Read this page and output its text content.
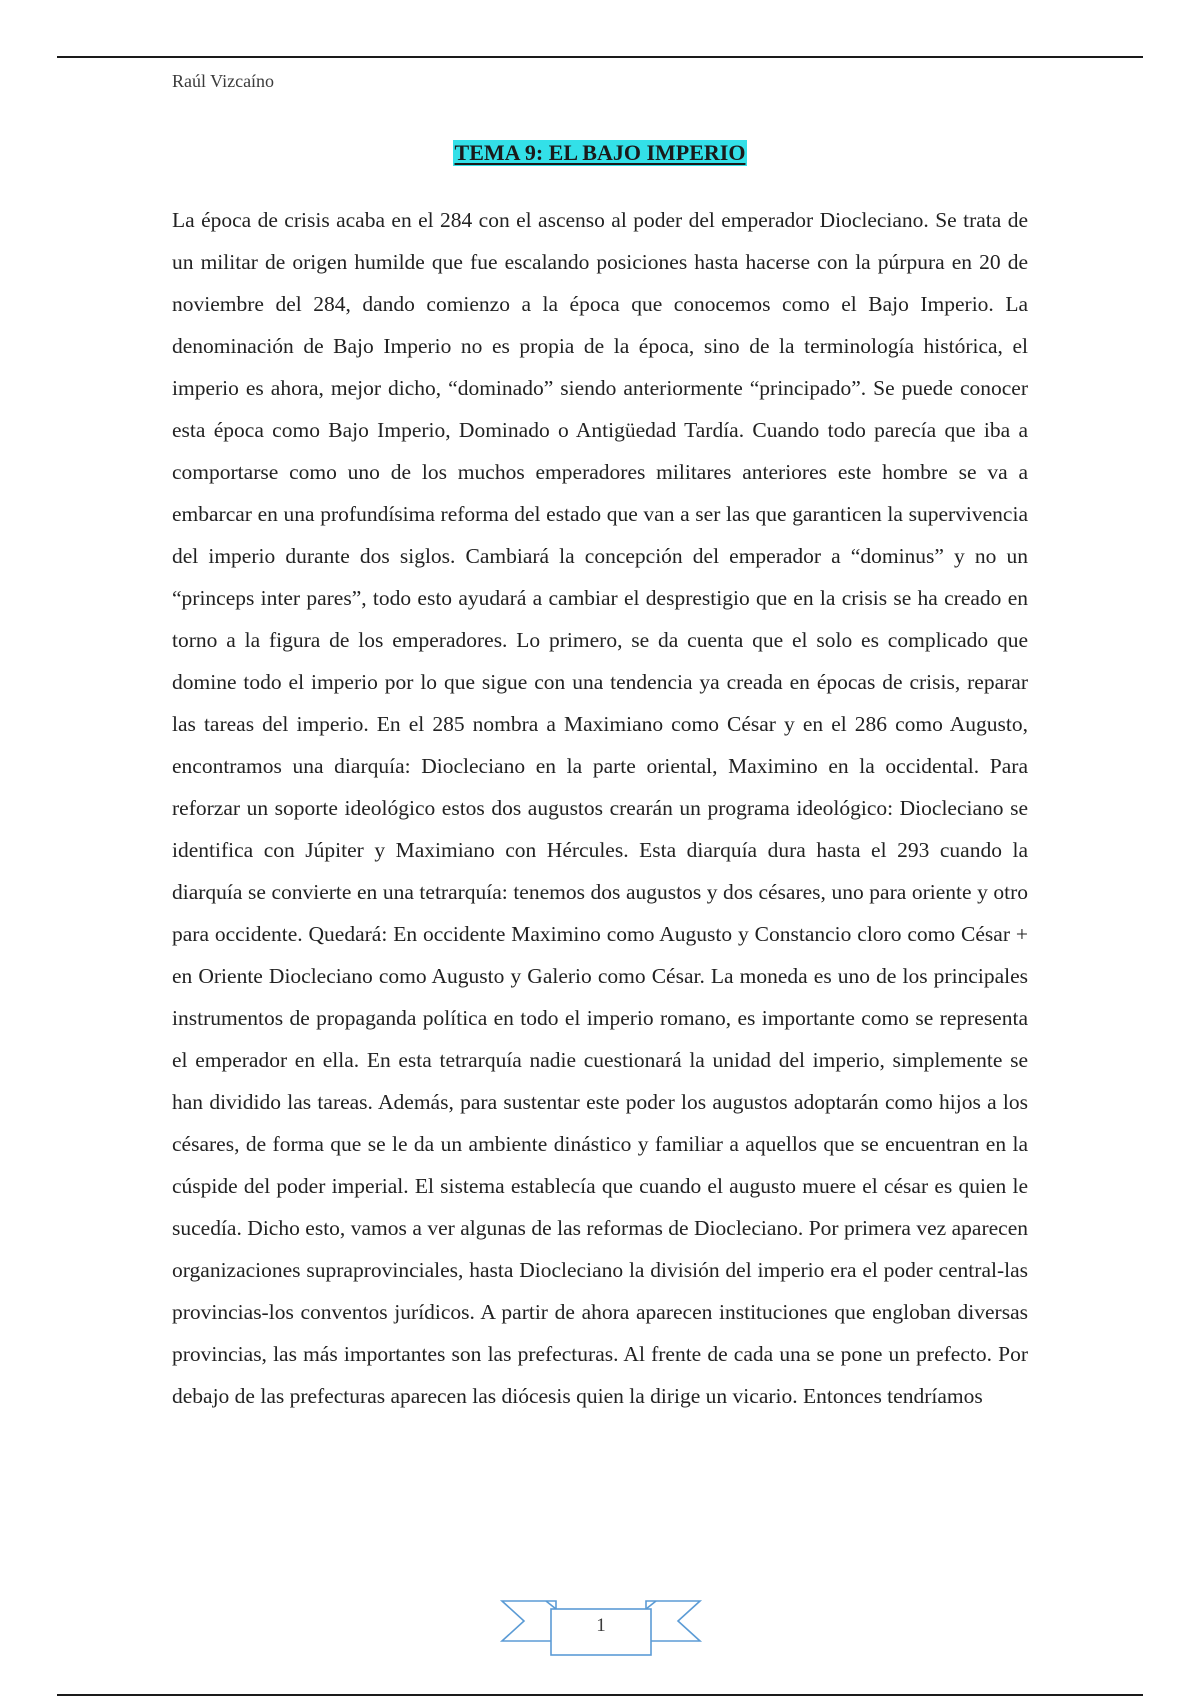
Raúl Vizcaíno
TEMA 9: EL BAJO IMPERIO

La época de crisis acaba en el 284 con el ascenso al poder del emperador Diocleciano. Se trata de un militar de origen humilde que fue escalando posiciones hasta hacerse con la púrpura en 20 de noviembre del 284, dando comienzo a la época que conocemos como el Bajo Imperio. La denominación de Bajo Imperio no es propia de la época, sino de la terminología histórica, el imperio es ahora, mejor dicho, “dominado” siendo anteriormente “principado”. Se puede conocer esta época como Bajo Imperio, Dominado o Antigüedad Tardía. Cuando todo parecía que iba a comportarse como uno de los muchos emperadores militares anteriores este hombre se va a embarcar en una profundísima reforma del estado que van a ser las que garanticen la supervivencia del imperio durante dos siglos. Cambiará la concepción del emperador a “dominus” y no un “princeps inter pares”, todo esto ayudará a cambiar el desprestigio que en la crisis se ha creado en torno a la figura de los emperadores. Lo primero, se da cuenta que el solo es complicado que domine todo el imperio por lo que sigue con una tendencia ya creada en épocas de crisis, reparar las tareas del imperio. En el 285 nombra a Maximiano como César y en el 286 como Augusto, encontramos una diarquía: Diocleciano en la parte oriental, Maximino en la occidental. Para reforzar un soporte ideológico estos dos augustos crearán un programa ideológico: Diocleciano se identifica con Júpiter y Maximiano con Hércules. Esta diarquía dura hasta el 293 cuando la diarquía se convierte en una tetrarquía: tenemos dos augustos y dos césares, uno para oriente y otro para occidente. Quedará: En occidente Maximino como Augusto y Constancio cloro como César + en Oriente Diocleciano como Augusto y Galerio como César. La moneda es uno de los principales instrumentos de propaganda política en todo el imperio romano, es importante como se representa el emperador en ella. En esta tetrarquía nadie cuestionará la unidad del imperio, simplemente se han dividido las tareas. Además, para sustentar este poder los augustos adoptarán como hijos a los césares, de forma que se le da un ambiente dinástico y familiar a aquellos que se encuentran en la cúspide del poder imperial. El sistema establecía que cuando el augusto muere el césar es quien le sucedía. Dicho esto, vamos a ver algunas de las reformas de Diocleciano. Por primera vez aparecen organizaciones supraprovinciales, hasta Diocleciano la división del imperio era el poder central-las provincias-los conventos jurídicos. A partir de ahora aparecen instituciones que engloban diversas provincias, las más importantes son las prefecturas. Al frente de cada una se pone un prefecto. Por debajo de las prefecturas aparecen las diócesis quien la dirige un vicario. Entonces tendríamos

1
